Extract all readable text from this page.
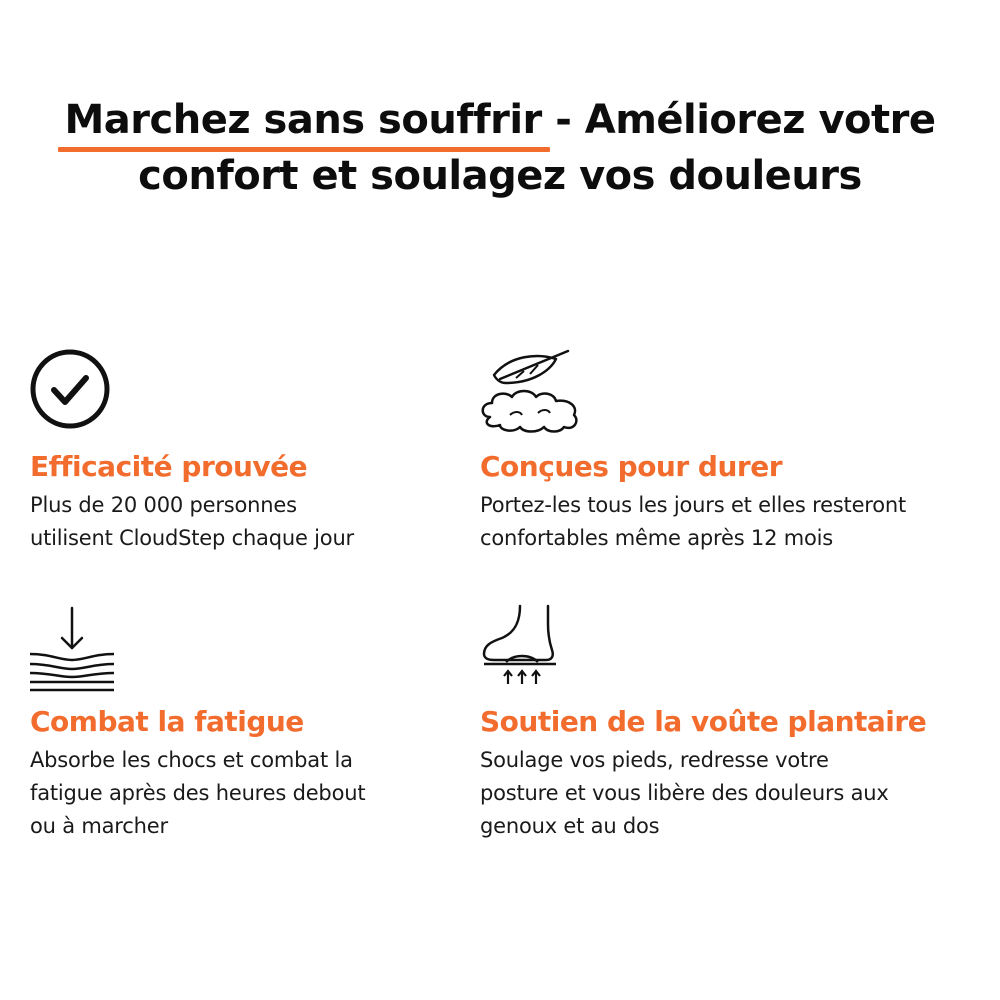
Marchez sans souffrir - Améliorez votre
confort et soulagez vos douleurs
Efficacité prouvée
Plus de 20 000 personnes
utilisent CloudStep chaque jour
Conçues pour durer
Portez-les tous les jours et elles resteront
confortables même après 12 mois
Combat la fatigue
Absorbe les chocs et combat la
fatigue après des heures debout
ou à marcher
Soutien de la voûte plantaire
Soulage vos pieds, redresse votre
posture et vous libère des douleurs aux
genoux et au dos
